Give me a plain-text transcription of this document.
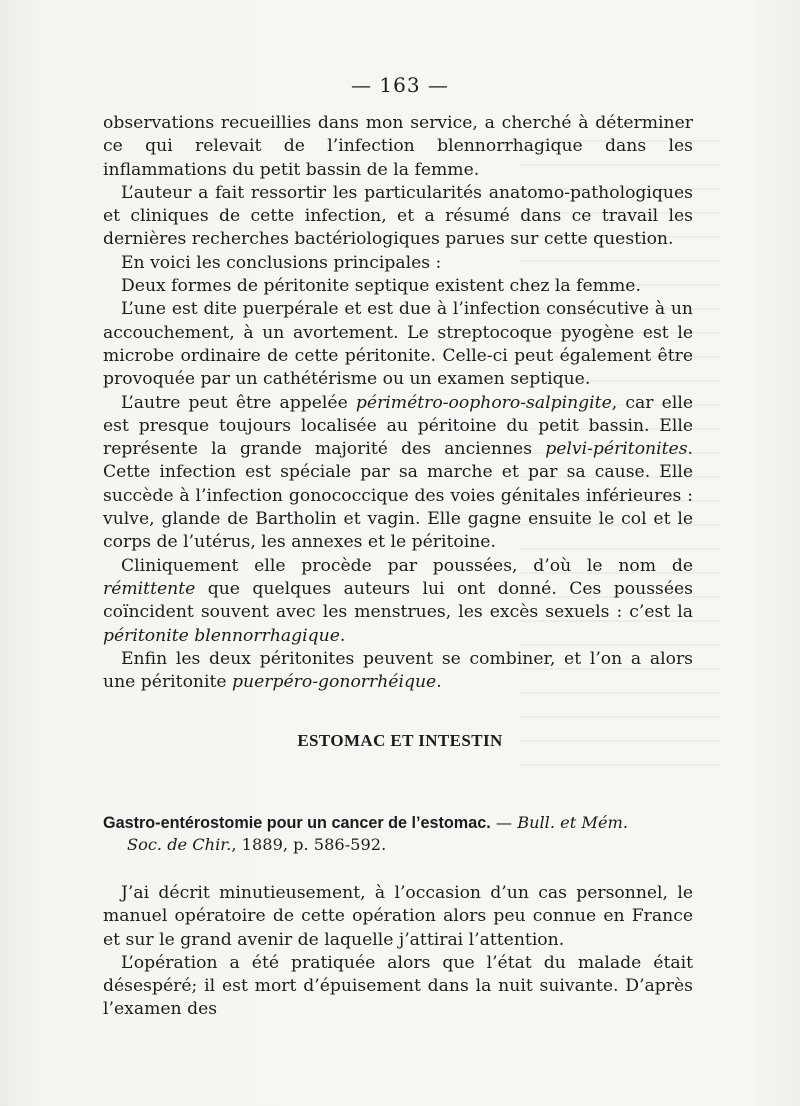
— 163 —

observations recueillies dans mon service, a cherché à déterminer ce qui relevait de l’infection blennorrhagique dans les inflammations du petit bassin de la femme.

L’auteur a fait ressortir les particularités anatomo-pathologiques et cliniques de cette infection, et a résumé dans ce travail les dernières recherches bactériologiques parues sur cette question.

En voici les conclusions principales :

Deux formes de péritonite septique existent chez la femme.

L’une est dite puerpérale et est due à l’infection consécutive à un accouchement, à un avortement. Le streptocoque pyogène est le microbe ordinaire de cette péritonite. Celle-ci peut également être provoquée par un cathétérisme ou un examen septique.

L’autre peut être appelée périmétro-oophoro-salpingite, car elle est presque toujours localisée au péritoine du petit bassin. Elle représente la grande majorité des anciennes pelvi-péritonites. Cette infection est spéciale par sa marche et par sa cause. Elle succède à l’infection gonococcique des voies génitales inférieures : vulve, glande de Bartholin et vagin. Elle gagne ensuite le col et le corps de l’utérus, les annexes et le péritoine.

Cliniquement elle procède par poussées, d’où le nom de rémittente que quelques auteurs lui ont donné. Ces poussées coïncident souvent avec les menstrues, les excès sexuels : c’est la péritonite blennorrhagique.

Enfin les deux péritonites peuvent se combiner, et l’on a alors une péritonite puerpéro-gonorrhéique.

ESTOMAC ET INTESTIN
Gastro-entérostomie pour un cancer de l’estomac. — Bull. et Mém.
Soc. de Chir., 1889, p. 586-592.

J’ai décrit minutieusement, à l’occasion d’un cas personnel, le manuel opératoire de cette opération alors peu connue en France et sur le grand avenir de laquelle j’attirai l’attention.

L’opération a été pratiquée alors que l’état du malade était désespéré; il est mort d’épuisement dans la nuit suivante. D’après l’examen des
